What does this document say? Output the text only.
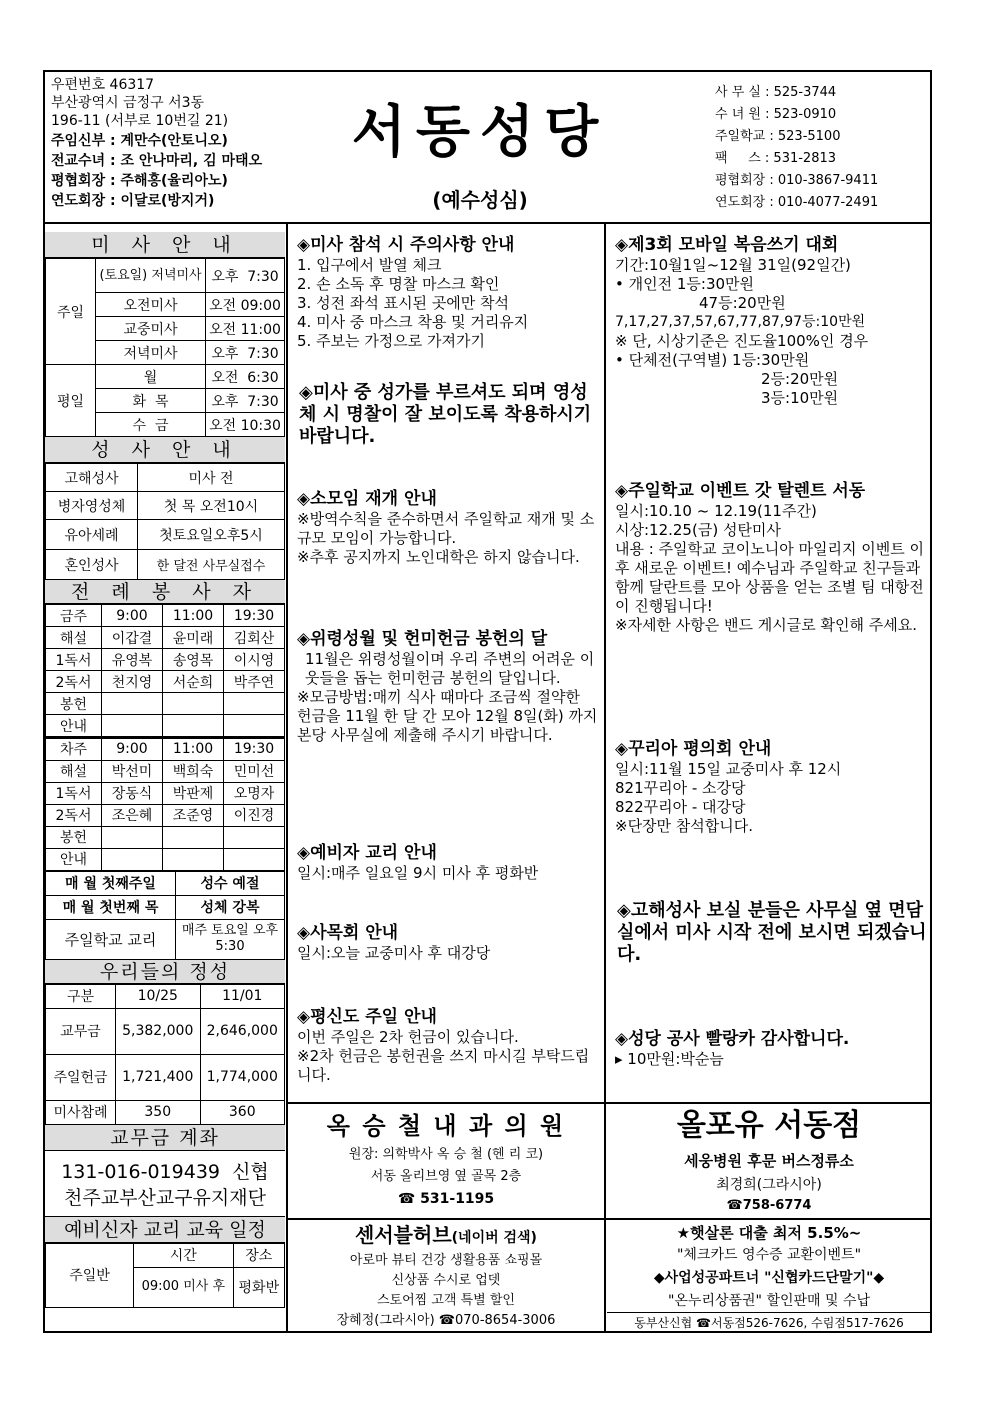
우편번호 46317
부산광역시 금정구 서3동
196-11 (서부로 10번길 21)
주임신부 : 계만수(안토니오)
전교수녀 : 조 안나마리, 김 마태오
평협회장 : 주해홍(율리아노)
연도회장 : 이달로(방지거)
서동성당
(예수성심)
사 무 실 : 525-3744
수 녀 원 : 523-0910
주일학교 : 523-5100
팩     스 : 531-2813
평협회장 : 010-3867-9411
연도회장 : 010-4077-2491
미 사 안 내
주일	(토요일) 저녁미사	오후  7:30
	오전미사	오전 09:00
	교중미사	오전 11:00
	저녁미사	오후  7:30
평일	월	오전  6:30
	화  목	오후  7:30
	수  금	오전 10:30
성 사 안 내
고해성사	미사 전
병자영성체	첫 목 오전10시
유아세례	첫토요일오후5시
혼인성사	한 달전 사무실접수
전 례 봉 사 자
금주	9:00	11:00	19:30
해설	이갑결	윤미래	김회산
1독서	유영복	송영목	이시영
2독서	천지영	서순희	박주연
봉헌			
안내			
차주	9:00	11:00	19:30
해설	박선미	백희숙	민미선
1독서	장동식	박판제	오명자
2독서	조은혜	조준영	이진경
봉헌			
안내			
매 월 첫째주일	성수 예절
매 월 첫번째 목	성체 강복
주일학교 교리	매주 토요일 오후5:30
우리들의 정성
구분	10/25	11/01
교무금	5,382,000	2,646,000
주일헌금	1,721,400	1,774,000
미사참례	350	360
교무금 계좌
131-016-019439  신협
천주교부산교구유지재단
예비신자 교리 교육 일정
주일반	시간	장소
	09:00 미사 후	평화반
◈미사 참석 시 주의사항 안내
1. 입구에서 발열 체크
2. 손 소독 후 명찰 마스크 확인
3. 성전 좌석 표시된 곳에만 착석
4. 미사 중 마스크 착용 및 거리유지
5. 주보는 가정으로 가져가기
◈미사 중 성가를 부르셔도 되며 영성체 시 명찰이 잘 보이도록 착용하시기 바랍니다.
◈소모임 재개 안내
※방역수칙을 준수하면서 주일학교 재개 및 소규모 모임이 가능합니다.
※추후 공지까지 노인대학은 하지 않습니다.
◈위령성월 및 헌미헌금 봉헌의 달
11월은 위령성월이며 우리 주변의 어려운 이웃들을 돕는 헌미헌금 봉헌의 달입니다.
※모금방법:매끼 식사 때마다 조금씩 절약한 헌금을 11월 한 달 간 모아 12월 8일(화) 까지 본당 사무실에 제출해 주시기 바랍니다.
◈예비자 교리 안내
일시:매주 일요일 9시 미사 후 평화반
◈사목회 안내
일시:오늘 교중미사 후 대강당
◈평신도 주일 안내
이번 주일은 2차 헌금이 있습니다.
※2차 헌금은 봉헌권을 쓰지 마시길 부탁드립니다.
◈제3회 모바일 복음쓰기 대회
기간:10월1일~12월 31일(92일간)
• 개인전 1등:30만원
47등:20만원
7,17,27,37,57,67,77,87,97등:10만원
※ 단, 시상기준은 진도율100%인 경우
• 단체전(구역별) 1등:30만원
2등:20만원
3등:10만원
◈주일학교 이벤트 갓 탈렌트 서동
일시:10.10 ~ 12.19(11주간)
시상:12.25(금) 성탄미사
내용 : 주일학교 코이노니아 마일리지 이벤트 이후 새로운 이벤트! 예수님과 주일학교 친구들과 함께 달란트를 모아 상품을 얻는 조별 팀 대항전이 진행됩니다!
※자세한 사항은 밴드 게시글로 확인해 주세요.
◈꾸리아 평의회 안내
일시:11월 15일 교중미사 후 12시
821꾸리아 - 소강당
822꾸리아 - 대강당
※단장만 참석합니다.
◈고해성사 보실 분들은 사무실 옆 면담실에서 미사 시작 전에 보시면 되겠습니다.
◈성당 공사 빨랑카 감사합니다.
▸ 10만원:박순늠
옥 승 철 내 과 의 원
원장: 의학박사 옥 승 철 (헨 리 코)
서동 올리브영 옆 골목 2층
☎ 531-1195
올포유 서동점
세웅병원 후문 버스정류소
최경희(그라시아)
☎758-6774
센서블허브(네이버 검색)
아로마 뷰티 건강 생활용품 쇼핑몰
신상품 수시로 업뎃
스토어찜 고객 특별 할인
장혜정(그라시아) ☎070-8654-3006
★햇살론 대출 최저 5.5%~
"체크카드 영수증 교환이벤트"
◆사업성공파트너 "신협카드단말기"◆
"온누리상품권" 할인판매 및 수납
동부산신협 ☎서동점526-7626, 수림점517-7626
